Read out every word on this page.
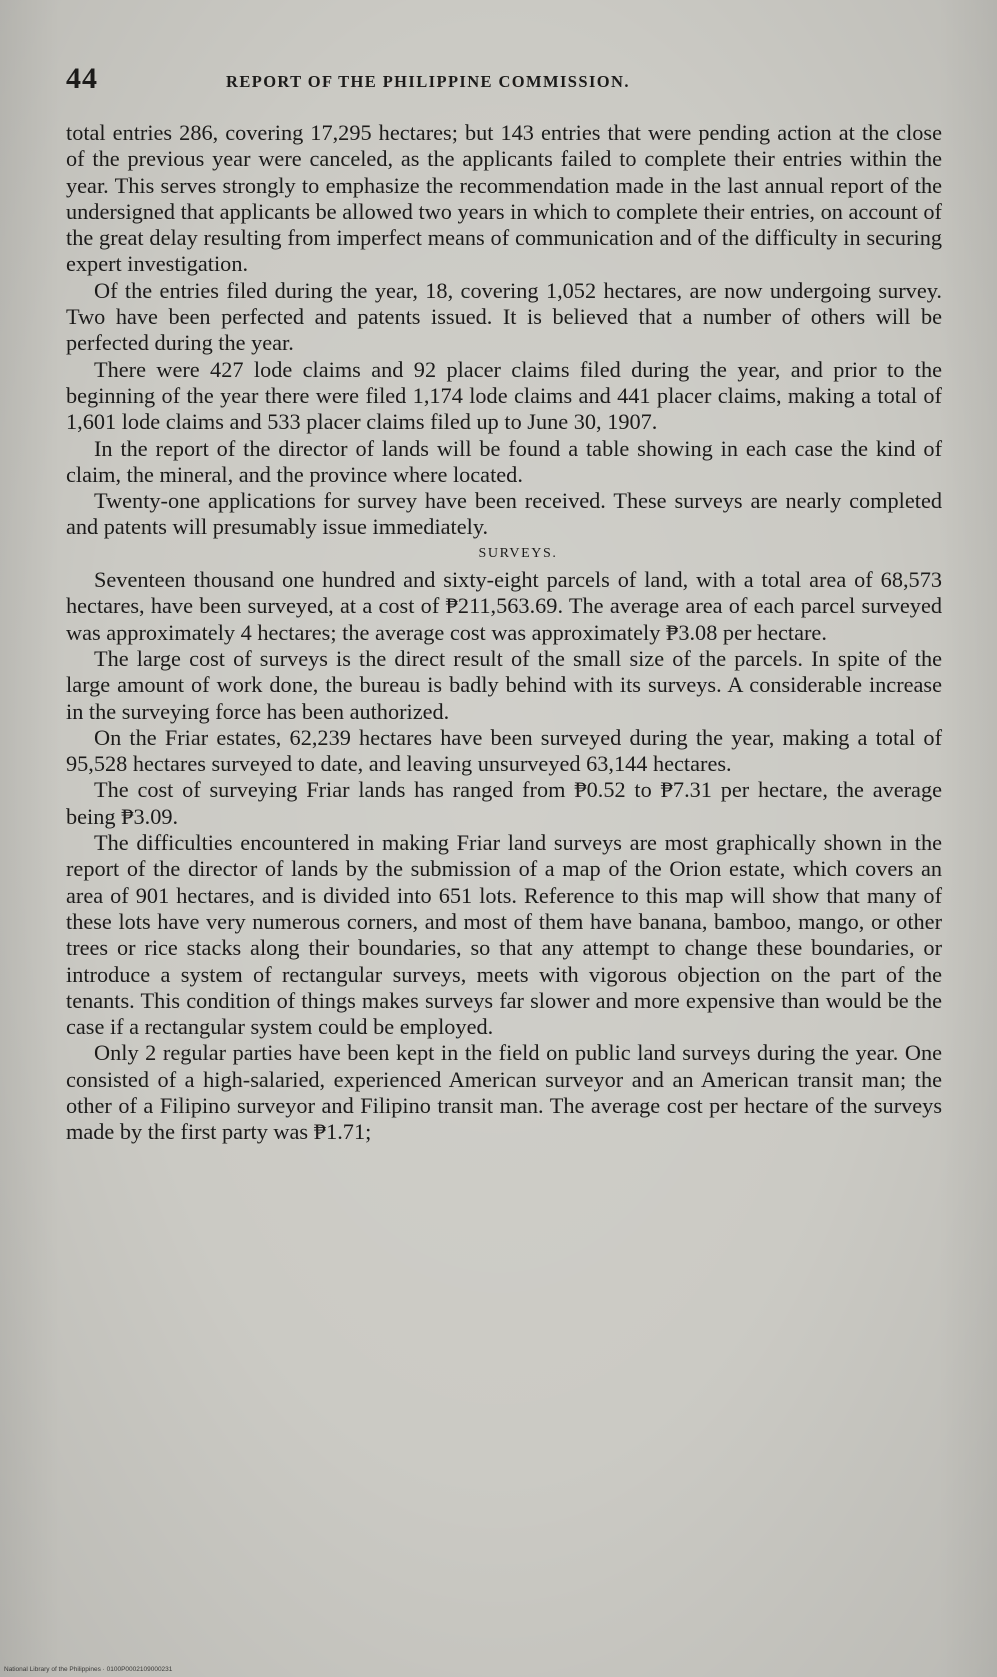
44	REPORT OF THE PHILIPPINE COMMISSION.

total entries 286, covering 17,295 hectares; but 143 entries that were pending action at the close of the previous year were canceled, as the applicants failed to complete their entries within the year. This serves strongly to emphasize the recommendation made in the last annual report of the undersigned that applicants be allowed two years in which to complete their entries, on account of the great delay resulting from imperfect means of communication and of the difficulty in securing expert investigation.

Of the entries filed during the year, 18, covering 1,052 hectares, are now undergoing survey. Two have been perfected and patents issued. It is believed that a number of others will be perfected during the year.

There were 427 lode claims and 92 placer claims filed during the year, and prior to the beginning of the year there were filed 1,174 lode claims and 441 placer claims, making a total of 1,601 lode claims and 533 placer claims filed up to June 30, 1907.

In the report of the director of lands will be found a table showing in each case the kind of claim, the mineral, and the province where located.

Twenty-one applications for survey have been received. These surveys are nearly completed and patents will presumably issue immediately.

SURVEYS.

Seventeen thousand one hundred and sixty-eight parcels of land, with a total area of 68,573 hectares, have been surveyed, at a cost of ₱211,563.69. The average area of each parcel surveyed was approximately 4 hectares; the average cost was approximately ₱3.08 per hectare.

The large cost of surveys is the direct result of the small size of the parcels. In spite of the large amount of work done, the bureau is badly behind with its surveys. A considerable increase in the surveying force has been authorized.

On the Friar estates, 62,239 hectares have been surveyed during the year, making a total of 95,528 hectares surveyed to date, and leaving unsurveyed 63,144 hectares.

The cost of surveying Friar lands has ranged from ₱0.52 to ₱7.31 per hectare, the average being ₱3.09.

The difficulties encountered in making Friar land surveys are most graphically shown in the report of the director of lands by the submission of a map of the Orion estate, which covers an area of 901 hectares, and is divided into 651 lots. Reference to this map will show that many of these lots have very numerous corners, and most of them have banana, bamboo, mango, or other trees or rice stacks along their boundaries, so that any attempt to change these boundaries, or introduce a system of rectangular surveys, meets with vigorous objection on the part of the tenants. This condition of things makes surveys far slower and more expensive than would be the case if a rectangular system could be employed.

Only 2 regular parties have been kept in the field on public land surveys during the year. One consisted of a high-salaried, experienced American surveyor and an American transit man; the other of a Filipino surveyor and Filipino transit man. The average cost per hectare of the surveys made by the first party was ₱1.71;

National Library of the Philippines · 0100P0002109000231
